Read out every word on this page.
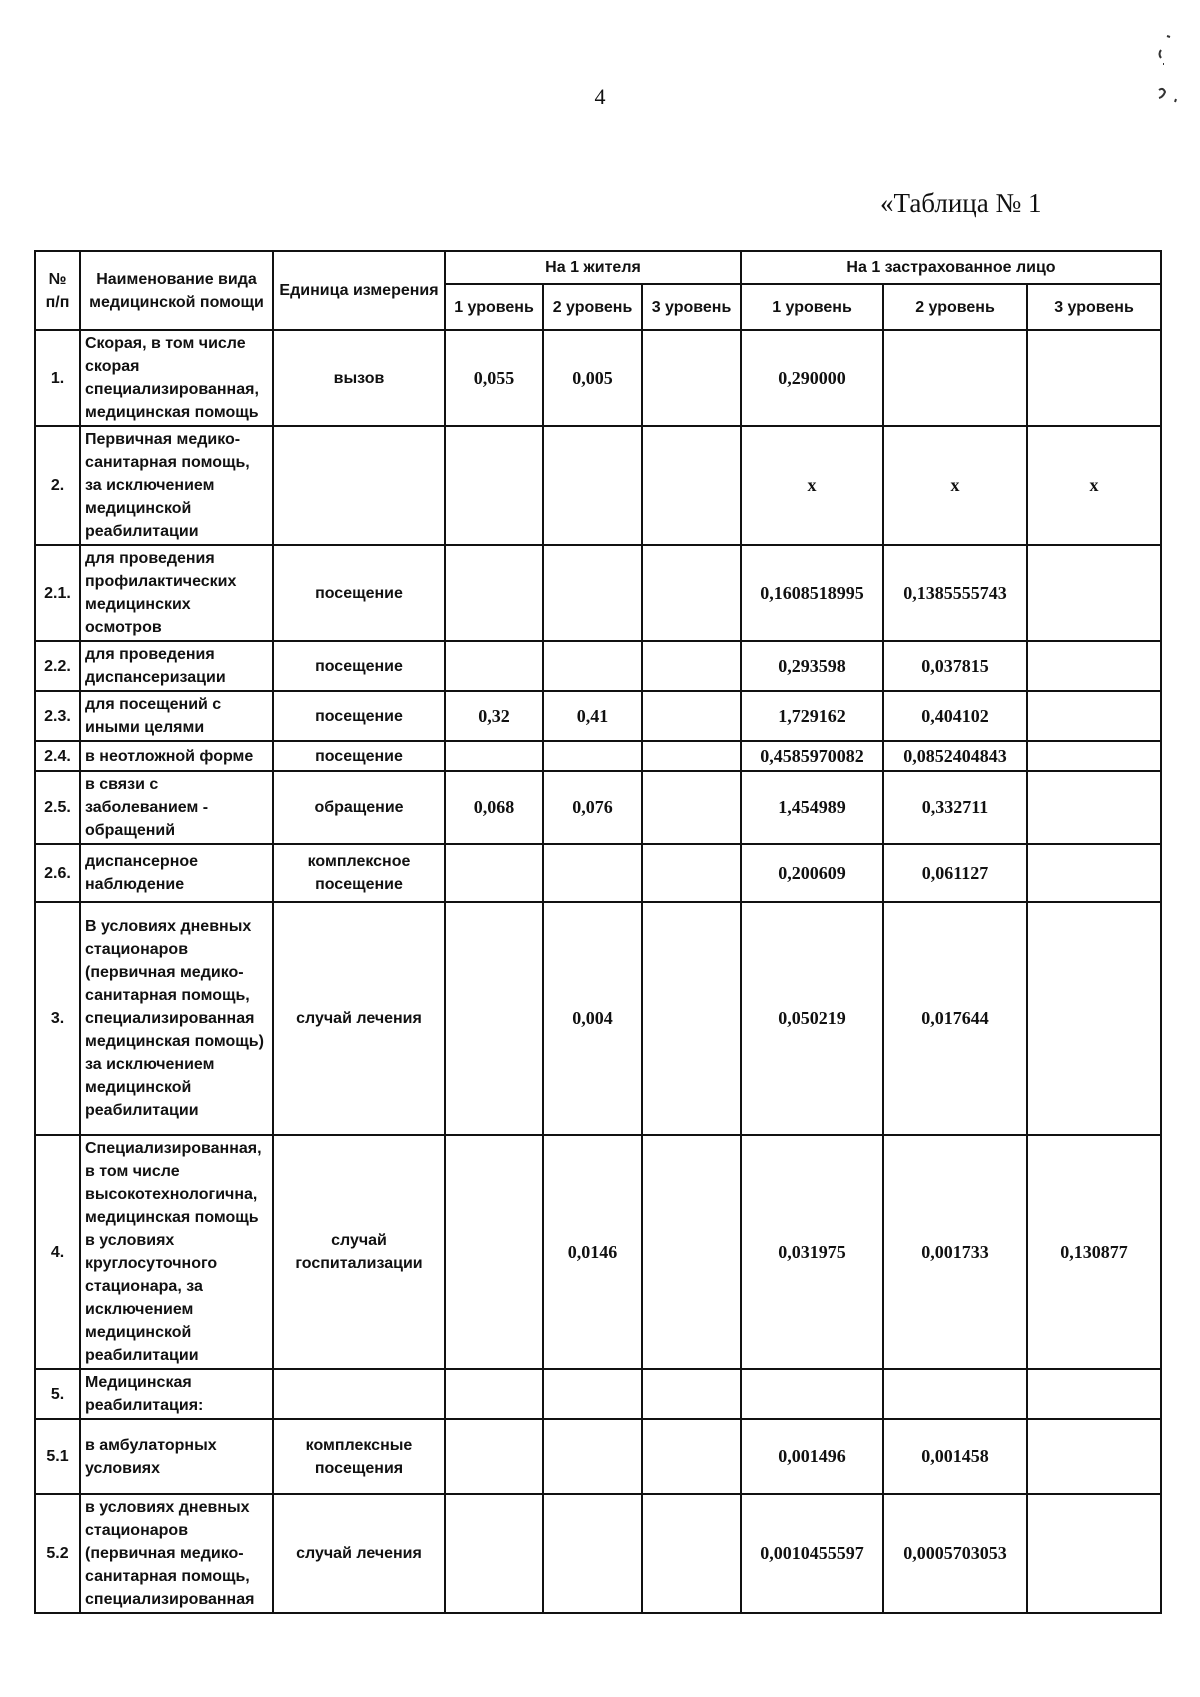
4
«Таблица № 1
№ п/п	Наименование вида медицинской помощи	Единица измерения	На 1 жителя			На 1 застрахованное лицо		
			1 уровень	2 уровень	3 уровень	1 уровень	2 уровень	3 уровень
1.	Скорая, в том числе скорая специализированная, медицинская помощь	вызов	0,055	0,005		0,290000		
2.	Первичная медико-санитарная помощь, за исключением медицинской реабилитации					х	х	х
2.1.	для проведения профилактических медицинских осмотров	посещение				0,1608518995	0,1385555743	
2.2.	для проведения диспансеризации	посещение				0,293598	0,037815	
2.3.	для посещений с иными целями	посещение	0,32	0,41		1,729162	0,404102	
2.4.	в неотложной форме	посещение				0,4585970082	0,0852404843	
2.5.	в связи с заболеванием - обращений	обращение	0,068	0,076		1,454989	0,332711	
2.6.	диспансерное наблюдение	комплексное посещение				0,200609	0,061127	
3.	В условиях дневных стационаров (первичная медико-санитарная помощь, специализированная медицинская помощь) за исключением медицинской реабилитации	случай лечения		0,004		0,050219	0,017644	
4.	Специализированная, в том числе высокотехнологична, медицинская помощь в условиях круглосуточного стационара, за исключением медицинской реабилитации	случай госпитализации		0,0146		0,031975	0,001733	0,130877
5.	Медицинская реабилитация:							
5.1	в амбулаторных условиях	комплексные посещения				0,001496	0,001458	
5.2	в условиях дневных стационаров (первичная медико-санитарная помощь, специализированная	случай лечения				0,0010455597	0,0005703053	
